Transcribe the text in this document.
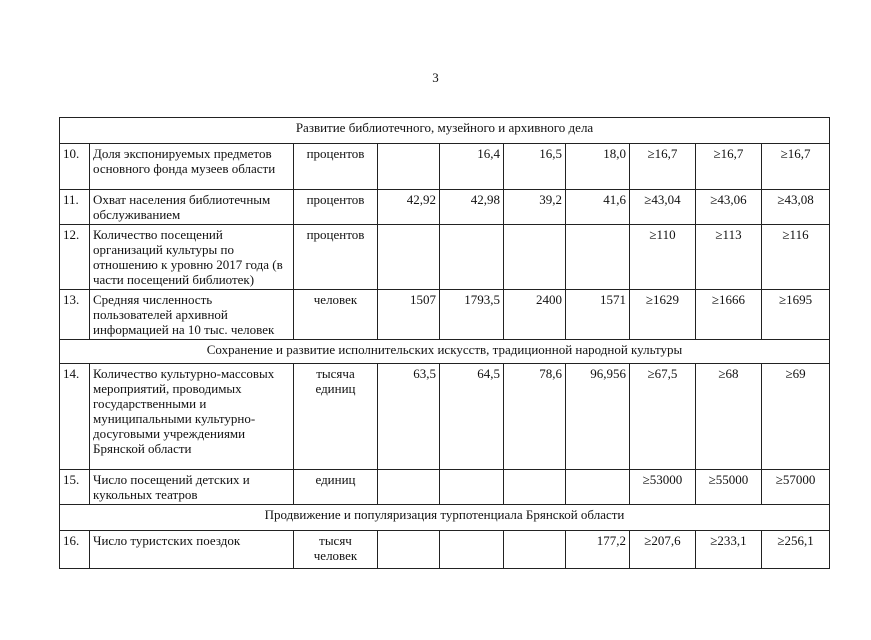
3
Развитие библиотечного, музейного и архивного дела									
10.	Доля экспонируемых предметов основного фонда музеев области	процентов		16,4	16,5	18,0	≥16,7	≥16,7	≥16,7
11.	Охват населения библиотечным обслуживанием	процентов	42,92	42,98	39,2	41,6	≥43,04	≥43,06	≥43,08
12.	Количество посещений организаций культуры по отношению к уровню 2017 года (в части посещений библиотек)	процентов					≥110	≥113	≥116
13.	Средняя численность пользователей архивной информацией на 10 тыс. человек	человек	1507	1793,5	2400	1571	≥1629	≥1666	≥1695
Сохранение и развитие исполнительских искусств, традиционной народной культуры									
14.	Количество культурно-массовых мероприятий, проводимых государственными и муниципальными культурно-досуговыми учреждениями Брянской области	тысяча единиц	63,5	64,5	78,6	96,956	≥67,5	≥68	≥69
15.	Число посещений детских и кукольных театров	единиц					≥53000	≥55000	≥57000
Продвижение и популяризация турпотенциала Брянской области									
16.	Число туристских поездок	тысяч человек				177,2	≥207,6	≥233,1	≥256,1
